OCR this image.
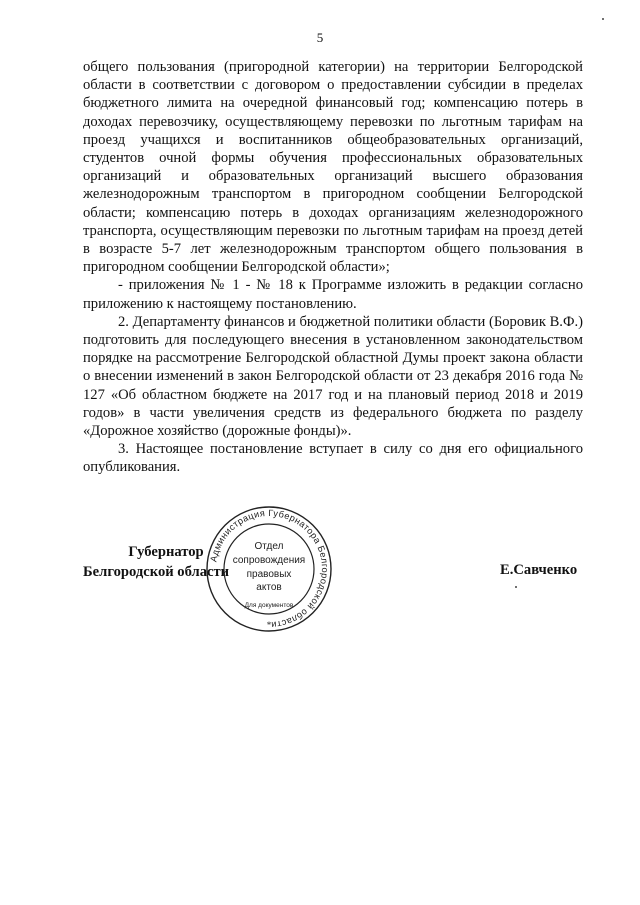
5

общего пользования (пригородной категории) на территории Белгородской области в соответствии с договором о предоставлении субсидии в пределах бюджетного лимита на очередной финансовый год; компенсацию потерь в доходах перевозчику, осуществляющему перевозки по льготным тарифам на проезд учащихся и воспитанников общеобразовательных организаций, студентов очной формы обучения профессиональных образовательных организаций и образовательных организаций высшего образования железнодорожным транспортом в пригородном сообщении Белгородской области; компенсацию потерь в доходах организациям железнодорожного транспорта, осуществляющим перевозки по льготным тарифам на проезд детей в возрасте 5-7 лет железнодорожным транспортом общего пользования в пригородном сообщении Белгородской области»;

- приложения № 1 - № 18 к Программе изложить в редакции согласно приложению к настоящему постановлению.

2. Департаменту финансов и бюджетной политики области (Боровик В.Ф.) подготовить для последующего внесения в установленном законодательством порядке на рассмотрение Белгородской областной Думы проект закона области о внесении изменений в закон Белгородской области от 23 декабря 2016 года № 127 «Об областном бюджете на 2017 год и на плановый период 2018 и 2019 годов» в части увеличения средств из федерального бюджета по разделу «Дорожное хозяйство (дорожные фонды)».

3. Настоящее постановление вступает в силу со дня его официального опубликования.

Губернатор
Белгородской области
Администрация Губернатора Белгородской области
Отдел
сопровождения
правовых
актов
Для документов
*
Е.Савченко
